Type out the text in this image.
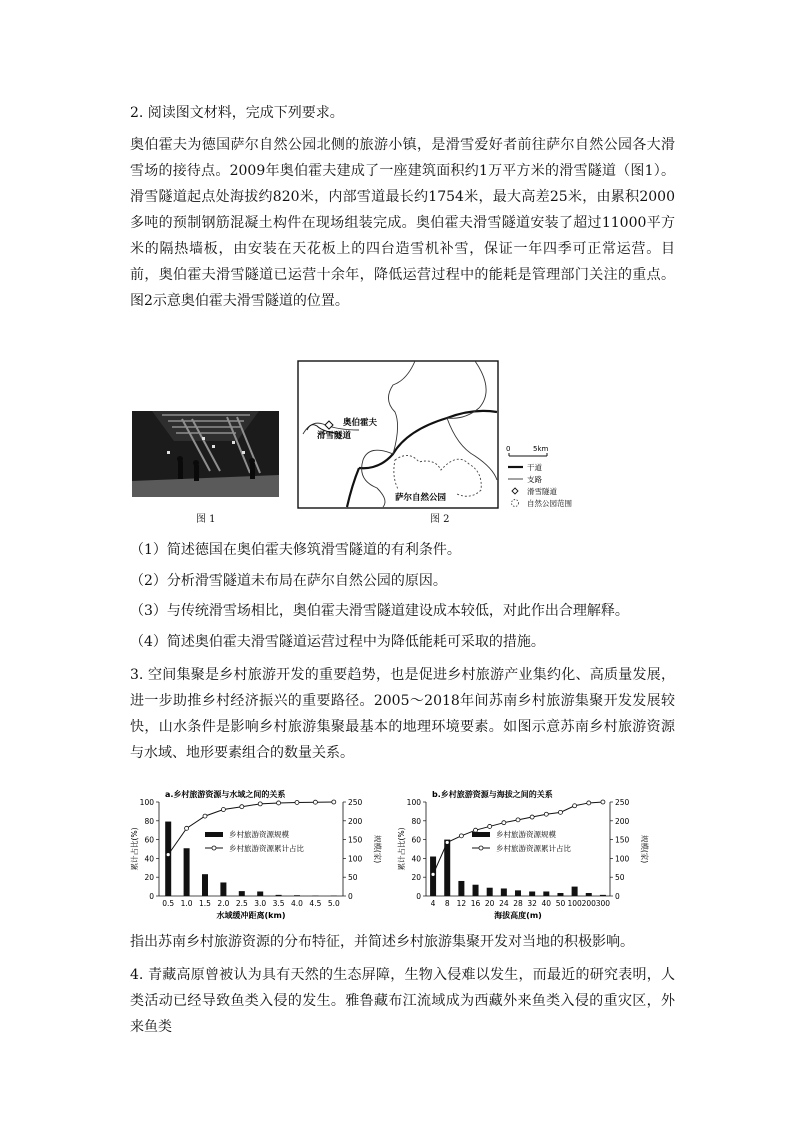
2. 阅读图文材料，完成下列要求。

奥伯霍夫为德国萨尔自然公园北侧的旅游小镇，是滑雪爱好者前往萨尔自然公园各大滑雪场的接待点。2009年奥伯霍夫建成了一座建筑面积约1万平方米的滑雪隧道（图1）。滑雪隧道起点处海拔约820米，内部雪道最长约1754米，最大高差25米，由累积2000多吨的预制钢筋混凝土构件在现场组装完成。奥伯霍夫滑雪隧道安装了超过11000平方米的隔热墙板，由安装在天花板上的四台造雪机补雪，保证一年四季可正常运营。目前，奥伯霍夫滑雪隧道已运营十余年，降低运营过程中的能耗是管理部门关注的重点。图2示意奥伯霍夫滑雪隧道的位置。

图 1
奥伯霍夫
滑雪隧道
萨尔自然公园
0	5km
干道
支路
滑雪隧道
自然公园范围
图 2

（1）简述德国在奥伯霍夫修筑滑雪隧道的有利条件。

（2）分析滑雪隧道未布局在萨尔自然公园的原因。

（3）与传统滑雪场相比，奥伯霍夫滑雪隧道建设成本较低，对此作出合理解释。

（4）简述奥伯霍夫滑雪隧道运营过程中为降低能耗可采取的措施。

3. 空间集聚是乡村旅游开发的重要趋势，也是促进乡村旅游产业集约化、高质量发展，进一步助推乡村经济振兴的重要路径。2005～2018年间苏南乡村旅游集聚开发发展较快，山水条件是影响乡村旅游集聚最基本的地理环境要素。如图示意苏南乡村旅游资源与水域、地形要素组合的数量关系。

a.乡村旅游资源与水域之间的关系
0
20
40
60
80
100
0
50
100
150
200
250
累计占比(%)	规模(家)
水域缓冲距离(km)
0.5 1.0 1.5 2.0 2.5 3.0 3.5 4.0 4.5 5.0
乡村旅游资源规模
乡村旅游资源累计占比
b.乡村旅游资源与海拔之间的关系
0
20
40
60
80
100
0
50
100
150
200
250
累计占比(%)	规模(家)
海拔高度(m)
4 8 12 16 20 24 28 32 40 50 100 200 300
乡村旅游资源规模
乡村旅游资源累计占比

指出苏南乡村旅游资源的分布特征，并简述乡村旅游集聚开发对当地的积极影响。

4. 青藏高原曾被认为具有天然的生态屏障，生物入侵难以发生，而最近的研究表明，人类活动已经导致鱼类入侵的发生。雅鲁藏布江流域成为西藏外来鱼类入侵的重灾区，外来鱼类
